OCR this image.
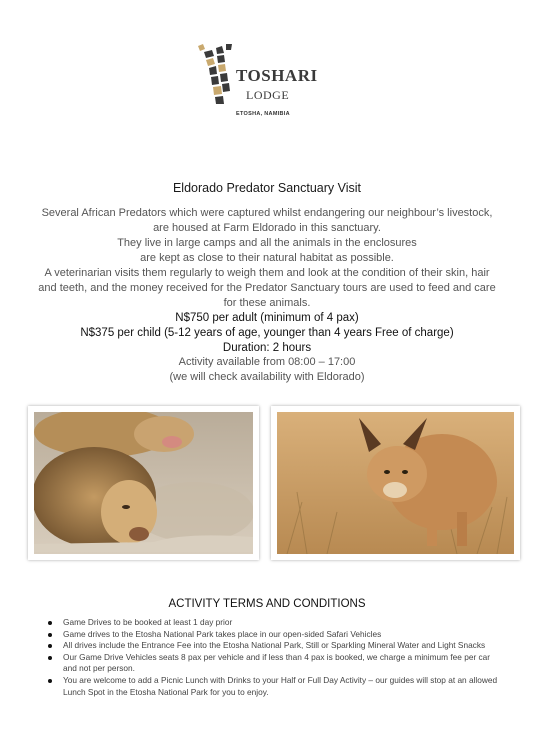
TOSHARI
LODGE
ETOSHA, NAMIBIA
Eldorado Predator Sanctuary Visit

Several African Predators which were captured whilst endangering our neighbour’s livestock,

are housed at Farm Eldorado in this sanctuary.

They live in large camps and all the animals in the enclosures

are kept as close to their natural habitat as possible.

A veterinarian visits them regularly to weigh them and look at the condition of their skin, hair

and teeth, and the money received for the Predator Sanctuary tours are used to feed and care

for these animals.

N$750 per adult (minimum of 4 pax)
N$375 per child (5-12 years of age, younger than 4 years Free of charge)
Duration: 2 hours
Activity available from 08:00 – 17:00
(we will check availability with Eldorado)
ACTIVITY TERMS AND CONDITIONS
Game Drives to be booked at least 1 day prior
Game drives to the Etosha National Park takes place in our open-sided Safari Vehicles
All drives include the Entrance Fee into the Etosha National Park, Still or Sparkling Mineral Water and Light Snacks
Our Game Drive Vehicles seats 8 pax per vehicle and if less than 4 pax is booked, we charge a minimum fee per car and not per person.
You are welcome to add a Picnic Lunch with Drinks to your Half or Full Day Activity – our guides will stop at an allowed Lunch Spot in the Etosha National Park for you to enjoy.
